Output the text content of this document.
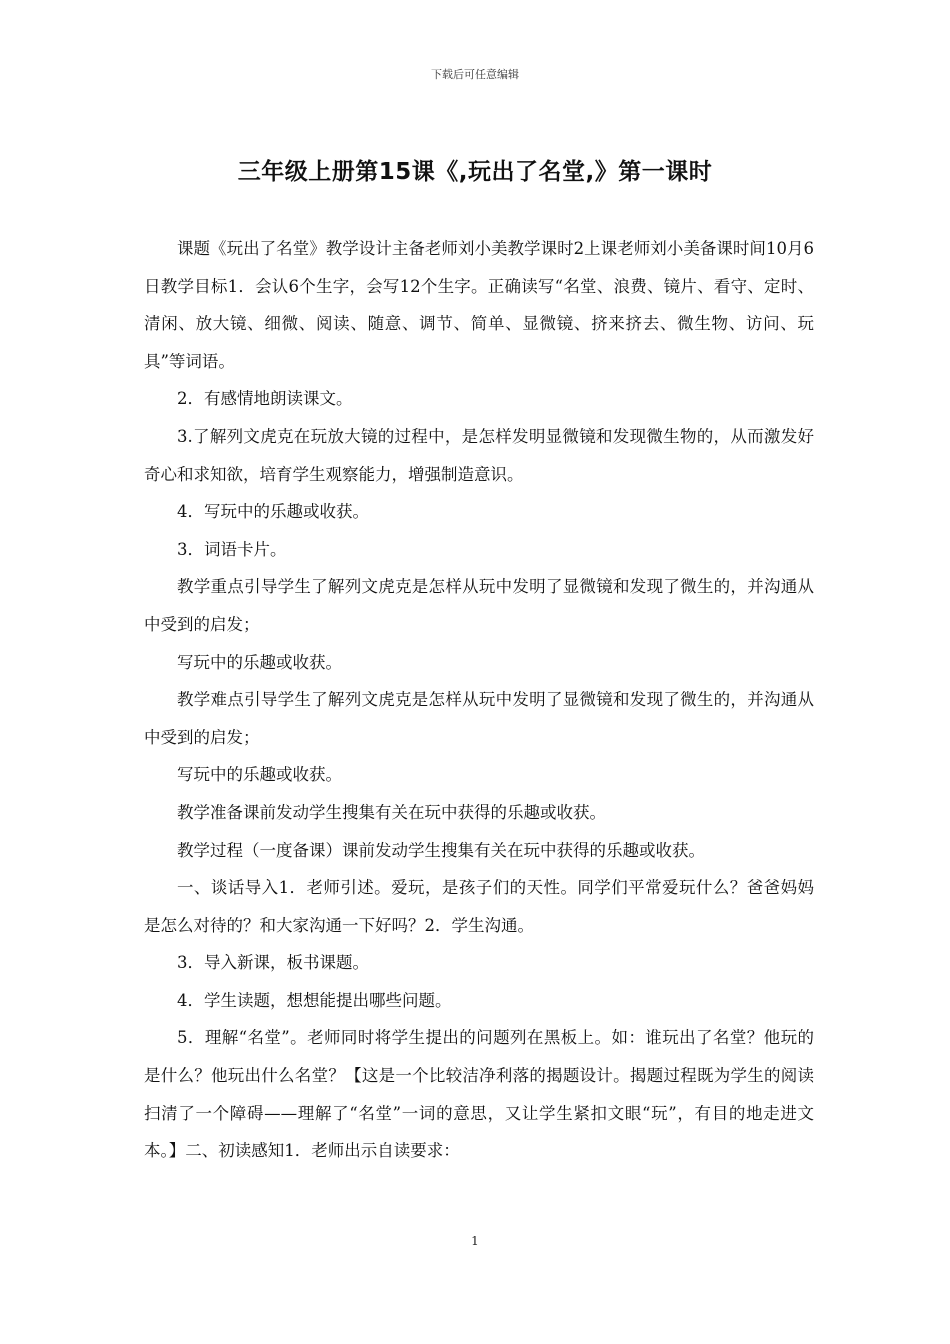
下载后可任意编辑
三年级上册第15课《,玩出了名堂,》第一课时

课题《玩出了名堂》教学设计主备老师刘小美教学课时2上课老师刘小美备课时间10月6日教学目标1．会认6个生字，会写12个生字。正确读写“名堂、浪费、镜片、看守、定时、清闲、放大镜、细微、阅读、随意、调节、简单、显微镜、挤来挤去、微生物、访问、玩具”等词语。

2．有感情地朗读课文。

3.了解列文虎克在玩放大镜的过程中，是怎样发明显微镜和发现微生物的，从而激发好奇心和求知欲，培育学生观察能力，增强制造意识。

4．写玩中的乐趣或收获。

3．词语卡片。

教学重点引导学生了解列文虎克是怎样从玩中发明了显微镜和发现了微生的，并沟通从中受到的启发；

写玩中的乐趣或收获。

教学难点引导学生了解列文虎克是怎样从玩中发明了显微镜和发现了微生的，并沟通从中受到的启发；

写玩中的乐趣或收获。

教学准备课前发动学生搜集有关在玩中获得的乐趣或收获。

教学过程（一度备课）课前发动学生搜集有关在玩中获得的乐趣或收获。

一、谈话导入1．老师引述。爱玩，是孩子们的天性。同学们平常爱玩什么？爸爸妈妈是怎么对待的？和大家沟通一下好吗？2．学生沟通。

3．导入新课，板书课题。

4．学生读题，想想能提出哪些问题。

5．理解“名堂”。老师同时将学生提出的问题列在黑板上。如：谁玩出了名堂？他玩的是什么？他玩出什么名堂？【这是一个比较洁净利落的揭题设计。揭题过程既为学生的阅读扫清了一个障碍——理解了“名堂”一词的意思，又让学生紧扣文眼“玩”，有目的地走进文本。】二、初读感知1．老师出示自读要求：

1
